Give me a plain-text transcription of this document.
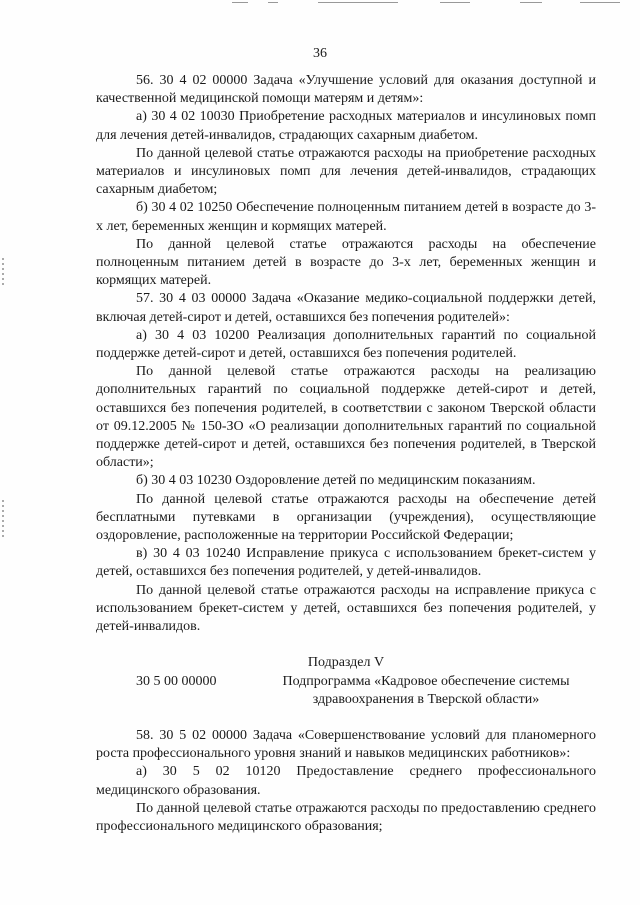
36

56. 30 4 02 00000 Задача «Улучшение условий для оказания доступной и качественной медицинской помощи матерям и детям»:

а) 30 4 02 10030 Приобретение расходных материалов и инсулиновых помп для лечения детей-инвалидов, страдающих сахарным диабетом.

По данной целевой статье отражаются расходы на приобретение расходных материалов и инсулиновых помп для лечения детей-инвалидов, страдающих сахарным диабетом;

б) 30 4 02 10250 Обеспечение полноценным питанием детей в возрасте до 3-х лет, беременных женщин и кормящих матерей.

По данной целевой статье отражаются расходы на обеспечение полноценным питанием детей в возрасте до 3-х лет, беременных женщин и кормящих матерей.

57. 30 4 03 00000 Задача «Оказание медико-социальной поддержки детей, включая детей-сирот и детей, оставшихся без попечения родителей»:

а) 30 4 03 10200 Реализация дополнительных гарантий по социальной поддержке детей-сирот и детей, оставшихся без попечения родителей.

По данной целевой статье отражаются расходы на реализацию дополнительных гарантий по социальной поддержке детей-сирот и детей, оставшихся без попечения родителей, в соответствии с законом Тверской области от 09.12.2005 № 150-ЗО «О реализации дополнительных гарантий по социальной поддержке детей-сирот и детей, оставшихся без попечения родителей, в Тверской области»;

б) 30 4 03 10230 Оздоровление детей по медицинским показаниям.

По данной целевой статье отражаются расходы на обеспечение детей бесплатными путевками в организации (учреждения), осуществляющие оздоровление, расположенные на территории Российской Федерации;

в) 30 4 03 10240 Исправление прикуса с использованием брекет-систем у детей, оставшихся без попечения родителей, у детей-инвалидов.

По данной целевой статье отражаются расходы на исправление прикуса с использованием брекет-систем у детей, оставшихся без попечения родителей, у детей-инвалидов.

Подраздел V

30 5 00 00000	Подпрограмма «Кадровое обеспечение системы здравоохранения в Тверской области»

58. 30 5 02 00000 Задача «Совершенствование условий для планомерного роста профессионального уровня знаний и навыков медицинских работников»:

а) 30 5 02 10120 Предоставление среднего профессионального медицинского образования.

По данной целевой статье отражаются расходы по предоставлению среднего профессионального медицинского образования;
